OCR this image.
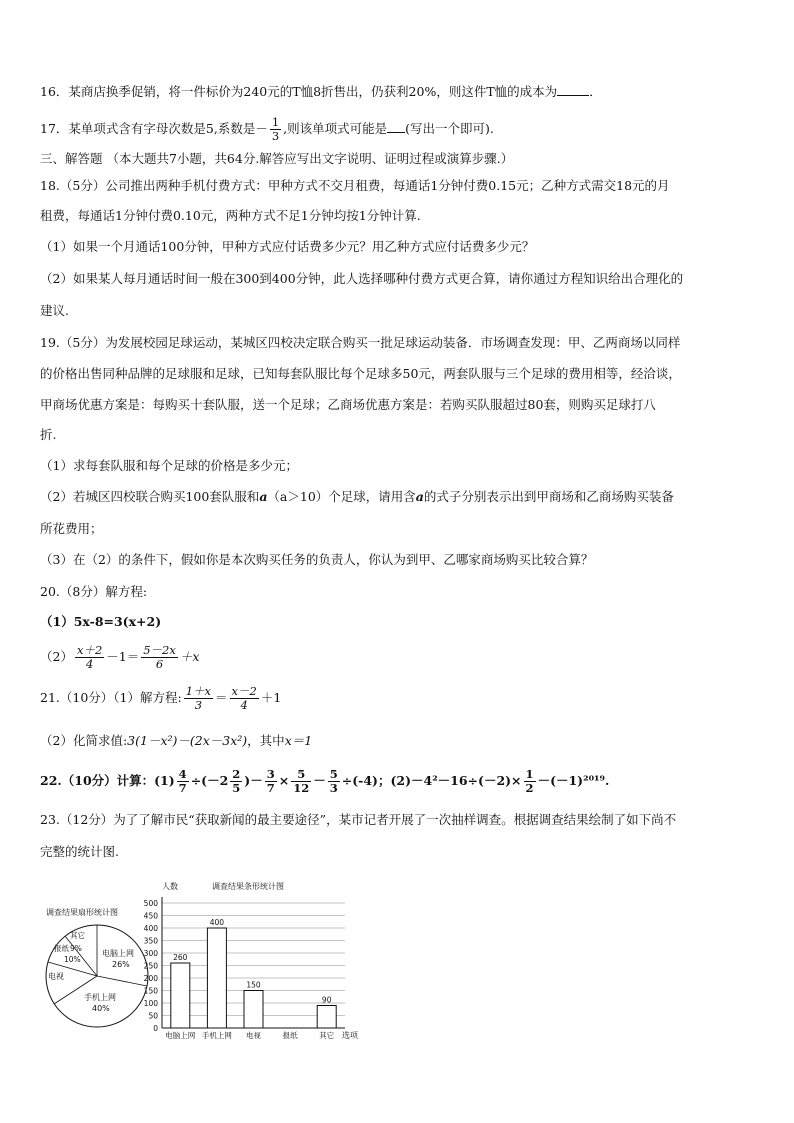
16．某商店换季促销，将一件标价为240元的T恤8折售出，仍获利20%，则这件T恤的成本为	．
17．某单项式含有字母次数是5,系数是－ $\frac{1}{3}$ ,则该单项式可能是 (写出一个即可).
三、解答题 （本大题共7小题，共64分.解答应写出文字说明、证明过程或演算步骤.）
18.（5分）公司推出两种手机付费方式：甲种方式不交月租费，每通话1分钟付费0.15元；乙种方式需交18元的月
租费，每通话1分钟付费0.10元，两种方式不足1分钟均按1分钟计算.
（1）如果一个月通话100分钟，甲种方式应付话费多少元？用乙种方式应付话费多少元？
（2）如果某人每月通话时间一般在300到400分钟，此人选择哪种付费方式更合算，请你通过方程知识给出合理化的
建议.
19.（5分）为发展校园足球运动，某城区四校决定联合购买一批足球运动装备．市场调查发现：甲、乙两商场以同样
的价格出售同种品牌的足球服和足球，已知每套队服比每个足球多50元，两套队服与三个足球的费用相等，经洽谈，
甲商场优惠方案是：每购买十套队服，送一个足球；乙商场优惠方案是：若购买队服超过80套，则购买足球打八
折.
（1）求每套队服和每个足球的价格是多少元；
（2）若城区四校联合购买100套队服和a（a＞10）个足球，请用含a的式子分别表示出到甲商场和乙商场购买装备
所花费用；
（3）在（2）的条件下，假如你是本次购买任务的负责人，你认为到甲、乙哪家商场购买比较合算？
20.（8分）解方程:
（1）5x-8=3(x+2)
$(2) \frac{x+2}{4} -1= \frac{5-2x}{6} +x$
21.（10分）（1）解方程: $\frac{1+x}{3} = \frac{x-2}{4} +1$
（2）化简求值:3(1－x²)－(2x－3x²)，其中x＝1
22.（10分）计算：$(1) \frac{4}{7} \div(-2 \frac{2}{5}$ )－ $\frac{3}{7} \times \frac{5}{12} - \frac{5}{3} \div(-4)$；$(2)-4^2-16\div(-2)\times \frac{1}{2} -(-1)^{2019}$.
23.（12分）为了了解市民“获取新闻的最主要途径”，某市记者开展了一次抽样调查。根据调查结果绘制了如下尚不
完整的统计图.
调查结果扇形统计图
其它
报纸 9%
10%
电视
电脑上网
26%
手机上网
40%
人数	调查结果条形统计图
0
50
100
150
200
250
300
350
400
450
500
260
400
150
90
电脑上网 手机上网 电视	报纸	其它 选项
